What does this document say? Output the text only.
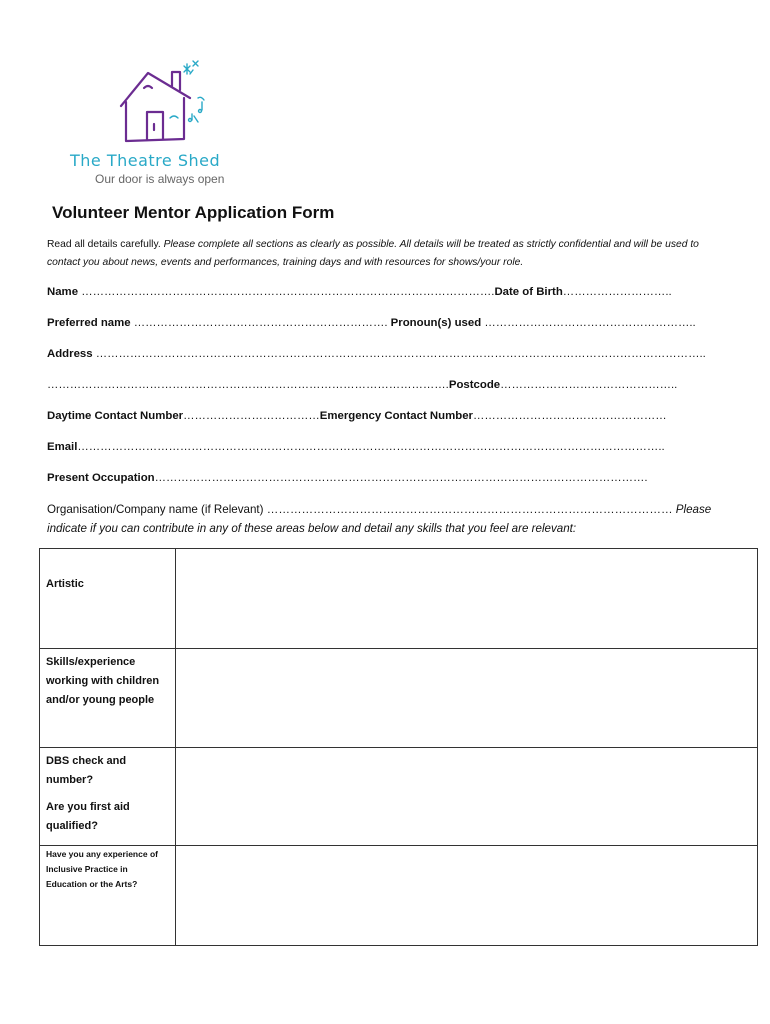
The Theatre Shed
Our door is always open
Volunteer Mentor Application Form
Read all details carefully. Please complete all sections as clearly as possible. All details will be treated as strictly confidential and will be used to contact you about news, events and performances, training days and with resources for shows/your role.
Name ……………………………………………………………………………………………….Date of Birth………………………..
Preferred name …………………………………………………………. Pronoun(s) used ………………………………………………..
Address ……………………………………………………………………………………………………………………………………………..
…………………………………………………………………………………………….Postcode………………………………………..
Daytime Contact Number………………………………Emergency Contact Number……………………………………………
Email………………………………………………………………………………………………………………………………………..
Present Occupation………………………………………………………………………………………………………………….
Organisation/Company name (if Relevant) …………………………………………………………………………………………… Please indicate if you can contribute in any of these areas below and detail any skills that you feel are relevant:
Artistic	

Skills/experience working with children and/or young people	

DBS check and number?
Are you first aid qualified?	

Have you any experience of Inclusive Practice in Education or the Arts?	
